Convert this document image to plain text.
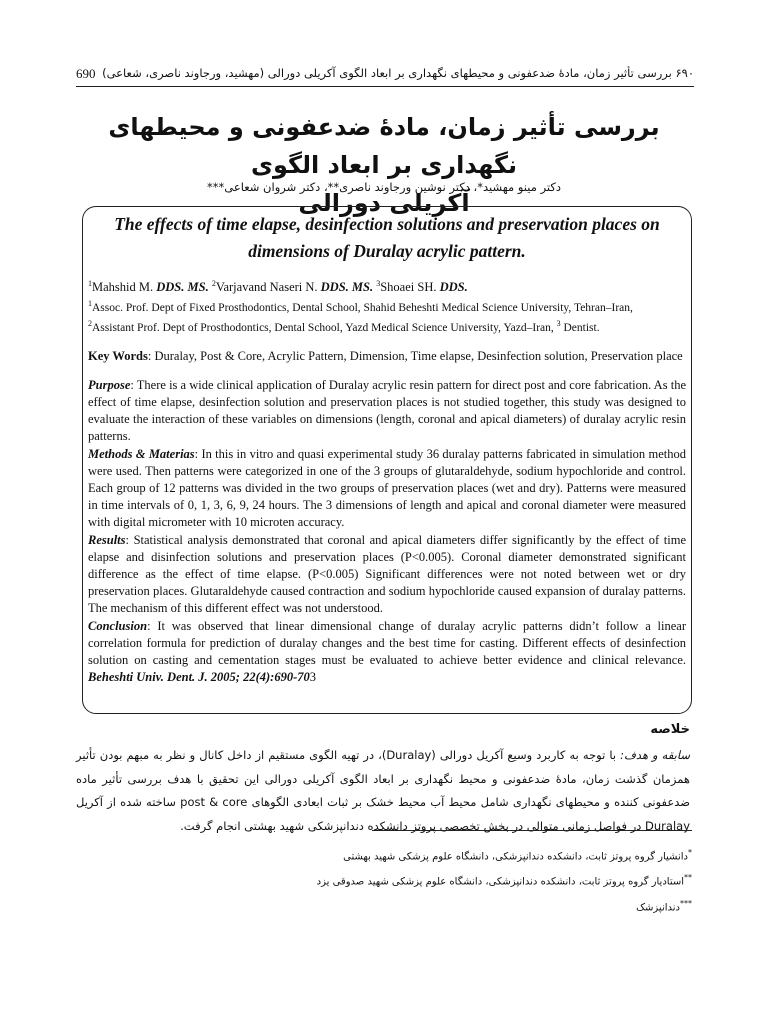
690 ۶۹۰ بررسی تأثیر زمان، مادهٔ ضدعفونی و محیطهای نگهداری بر ابعاد الگوی آکریلی دورالی (مهشید، ورجاوند ناصری، شعاعی)
بررسی تأثیر زمان، مادهٔ ضدعفونی و محیطهای نگهداری بر ابعاد الگوی
آکریلی دورالی
دکتر مینو مهشید*، دکتر نوشین ورجاوند ناصری**، دکتر شروان شعاعی***

The effects of time elapse, desinfection solutions and preservation places on dimensions of Duralay acrylic pattern.

$^1$Mahshid M. DDS. MS. $^2$Varjavand Naseri N. DDS. MS. $^3$Shoaei SH. DDS.

$^1$Assoc. Prof. Dept of Fixed Prosthodontics, Dental School, Shahid Beheshti Medical Science University, Tehran–Iran,

$^2$Assistant Prof. Dept of Prosthodontics, Dental School, Yazd Medical Science University, Yazd–Iran, $^3$ Dentist.

Key Words: Duralay, Post & Core, Acrylic Pattern, Dimension, Time elapse, Desinfection solution, Preservation place

Purpose: There is a wide clinical application of Duralay acrylic resin pattern for direct post and core fabrication. As the effect of time elapse, desinfection solution and preservation places is not studied together, this study was designed to evaluate the interaction of these variables on dimensions (length, coronal and apical diameters) of duralay acrylic resin patterns.

Methods & Materias: In this in vitro and quasi experimental study 36 duralay patterns fabricated in simulation method were used. Then patterns were categorized in one of the 3 groups of glutaraldehyde, sodium hypochloride and control. Each group of 12 patterns was divided in the two groups of preservation places (wet and dry). Patterns were measured in time intervals of 0, 1, 3, 6, 9, 24 hours. The 3 dimensions of length and apical and coronal diameter were measured with digital micrometer with 10 microten accuracy.

Results: Statistical analysis demonstrated that coronal and apical diameters differ significantly by the effect of time elapse and disinfection solutions and preservation places (P<0.005). Coronal diameter demonstrated significant difference as the effect of time elapse. (P<0.005) Significant differences were not noted between wet or dry preservation places. Glutaraldehyde caused contraction and sodium hypochloride caused expansion of duralay patterns. The mechanism of this different effect was not understood.

Conclusion: It was observed that linear dimensional change of duralay acrylic patterns didn’t follow a linear correlation formula for prediction of duralay changes and the best time for casting. Different effects of desinfection solution on casting and cementation stages must be evaluated to achieve better evidence and clinical relevance. Beheshti Univ. Dent. J. 2005; 22(4):690-703

خلاصه
سابقه و هدف: با توجه به کاربرد وسیع آکریل دورالی (Duralay)، در تهیه الگوی مستقیم از داخل کانال و نظر به مبهم بودن تأثیر همزمان گذشت زمان، مادهٔ ضدعفونی و محیط نگهداری بر ابعاد الگوی آکریلی دورالی این تحقیق با هدف بررسی تأثیر ماده ضدعفونی کننده و محیطهای نگهداری شامل محیط آب محیط خشک بر ثبات ابعادی الگوهای post & core ساخته شده از آکریل Duralay در فواصل زمانی متوالی در بخش تخصصی پروتز دانشکده دندانپزشکی شهید بهشتی انجام گرفت.

*دانشیار گروه پروتز ثابت، دانشکده دندانپزشکی، دانشگاه علوم پزشکی شهید بهشتی

**استادیار گروه پروتز ثابت، دانشکده دندانپزشکی، دانشگاه علوم پزشکی شهید صدوقی یزد

***دندانپزشک
